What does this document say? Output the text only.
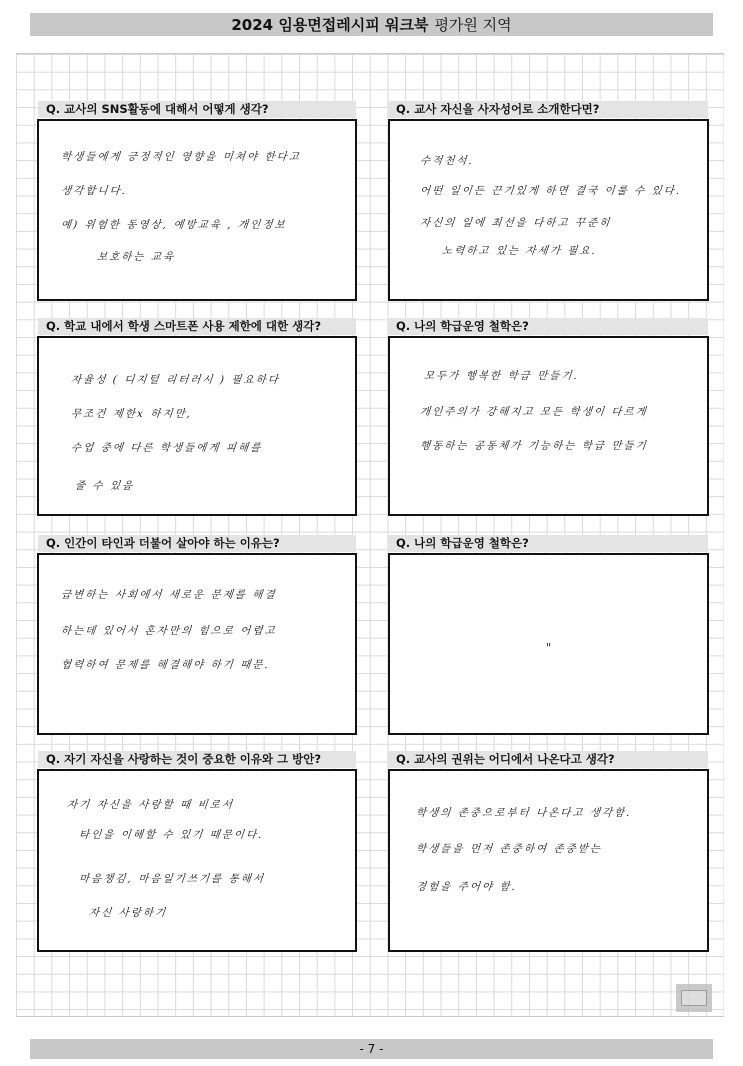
2024 임용면접레시피 워크북 평가원 지역
Q. 교사의 SNS활동에 대해서 어떻게 생각?
학생들에게 긍정적인 영향을 미쳐야 한다고
생각합니다.
예) 위험한 동영상, 예방교육 , 개인정보
보호하는 교육
Q. 교사 자신을 사자성어로 소개한다면?
수적천석.
어떤 일이든 끈기있게 하면 결국 이룰 수 있다.
자신의 일에 최선을 다하고 꾸준히
노력하고 있는 자세가 필요.
Q. 학교 내에서 학생 스마트폰 사용 제한에 대한 생각?
자율성 ( 디지털 리터러시 ) 필요하다
무조건 제한x 하지만,
수업 중에 다른 학생들에게 피해를
줄 수 있음
Q. 나의 학급운영 철학은?
모두가 행복한 학급 만들기.
개인주의가 강해지고 모든 학생이 다르게
행동하는 공동체가 기능하는 학급 만들기
Q. 인간이 타인과 더불어 살아야 하는 이유는?
급변하는 사회에서 새로운 문제를 해결
하는데 있어서 혼자만의 힘으로 어렵고
협력하여 문제를 해결해야 하기 때문.
Q. 나의 학급운영 철학은?
"
Q. 자기 자신을 사랑하는 것이 중요한 이유와 그 방안?
자기 자신을 사랑할 때 비로서
타인을 이해할 수 있기 때문이다.
마음챙김, 마음일기쓰기를 통해서
자신 사랑하기
Q. 교사의 권위는 어디에서 나온다고 생각?
학생의 존중으로부터 나온다고 생각함.
학생들을 먼저 존중하여 존중받는
경험을 주어야 함.
- 7 -
